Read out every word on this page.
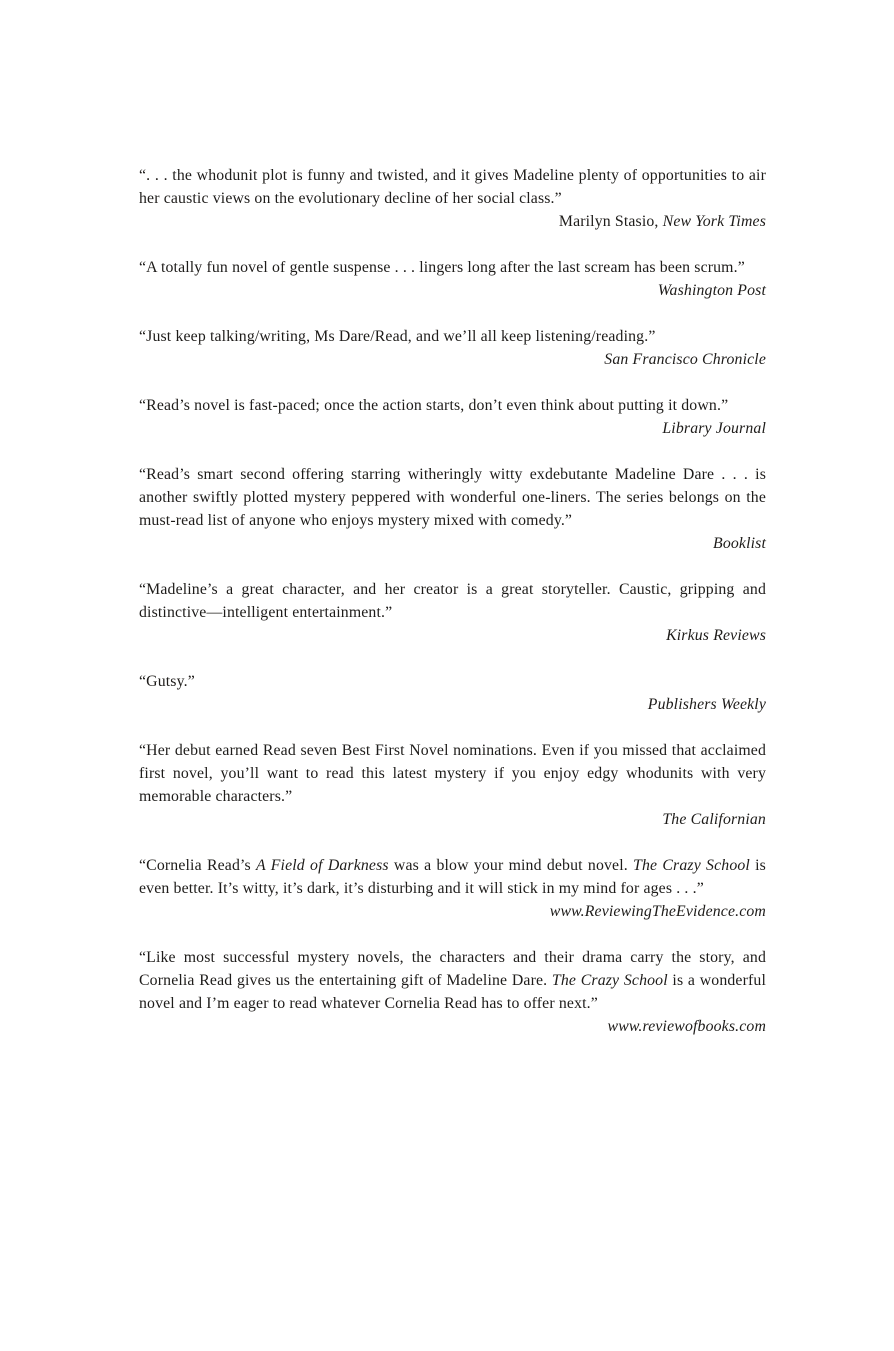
“. . . the whodunit plot is funny and twisted, and it gives Madeline plenty of opportunities to air her caustic views on the evolutionary decline of her social class.”

Marilyn Stasio, New York Times

“A totally fun novel of gentle suspense . . . lingers long after the last scream has been scrum.”

Washington Post

“Just keep talking/writing, Ms Dare/Read, and we’ll all keep listening/reading.”

San Francisco Chronicle

“Read’s novel is fast-paced; once the action starts, don’t even think about putting it down.”

Library Journal

“Read’s smart second offering starring witheringly witty exdebutante Madeline Dare . . . is another swiftly plotted mystery peppered with wonderful one-liners. The series belongs on the must-read list of anyone who enjoys mystery mixed with comedy.”

Booklist

“Madeline’s a great character, and her creator is a great storyteller. Caustic, gripping and distinctive—intelligent entertainment.”

Kirkus Reviews

“Gutsy.”

Publishers Weekly

“Her debut earned Read seven Best First Novel nominations. Even if you missed that acclaimed first novel, you’ll want to read this latest mystery if you enjoy edgy whodunits with very memorable characters.”

The Californian

“Cornelia Read’s A Field of Darkness was a blow your mind debut novel. The Crazy School is even better. It’s witty, it’s dark, it’s disturbing and it will stick in my mind for ages . . .”

www.ReviewingTheEvidence.com

“Like most successful mystery novels, the characters and their drama carry the story, and Cornelia Read gives us the entertaining gift of Madeline Dare. The Crazy School is a wonderful novel and I’m eager to read whatever Cornelia Read has to offer next.”

www.reviewofbooks.com
